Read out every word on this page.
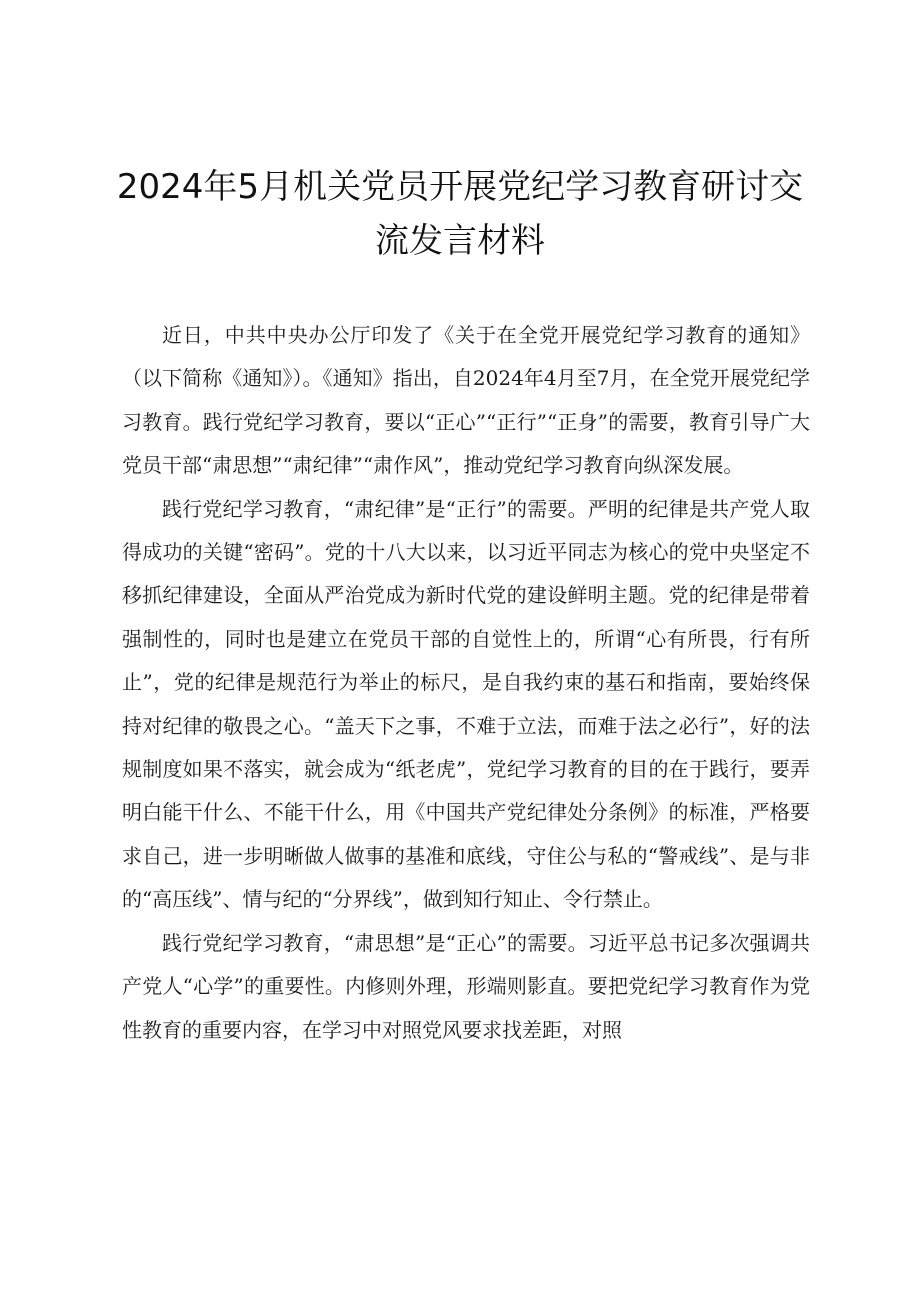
2024年5月机关党员开展党纪学习教育研讨交流发言材料

近日，中共中央办公厅印发了《关于在全党开展党纪学习教育的通知》（以下简称《通知》）。《通知》指出，自2024年4月至7月，在全党开展党纪学习教育。践行党纪学习教育，要以“正心”“正行”“正身”的需要，教育引导广大党员干部“肃思想”“肃纪律”“肃作风”，推动党纪学习教育向纵深发展。

践行党纪学习教育，“肃纪律”是“正行”的需要。严明的纪律是共产党人取得成功的关键“密码”。党的十八大以来，以习近平同志为核心的党中央坚定不移抓纪律建设，全面从严治党成为新时代党的建设鲜明主题。党的纪律是带着强制性的，同时也是建立在党员干部的自觉性上的，所谓“心有所畏，行有所止”，党的纪律是规范行为举止的标尺，是自我约束的基石和指南，要始终保持对纪律的敬畏之心。“盖天下之事，不难于立法，而难于法之必行”，好的法规制度如果不落实，就会成为“纸老虎”，党纪学习教育的目的在于践行，要弄明白能干什么、不能干什么，用《中国共产党纪律处分条例》的标准，严格要求自己，进一步明晰做人做事的基准和底线，守住公与私的“警戒线”、是与非的“高压线”、情与纪的“分界线”，做到知行知止、令行禁止。

践行党纪学习教育，“肃思想”是“正心”的需要。习近平总书记多次强调共产党人“心学”的重要性。内修则外理，形端则影直。要把党纪学习教育作为党性教育的重要内容，在学习中对照党风要求找差距，对照
